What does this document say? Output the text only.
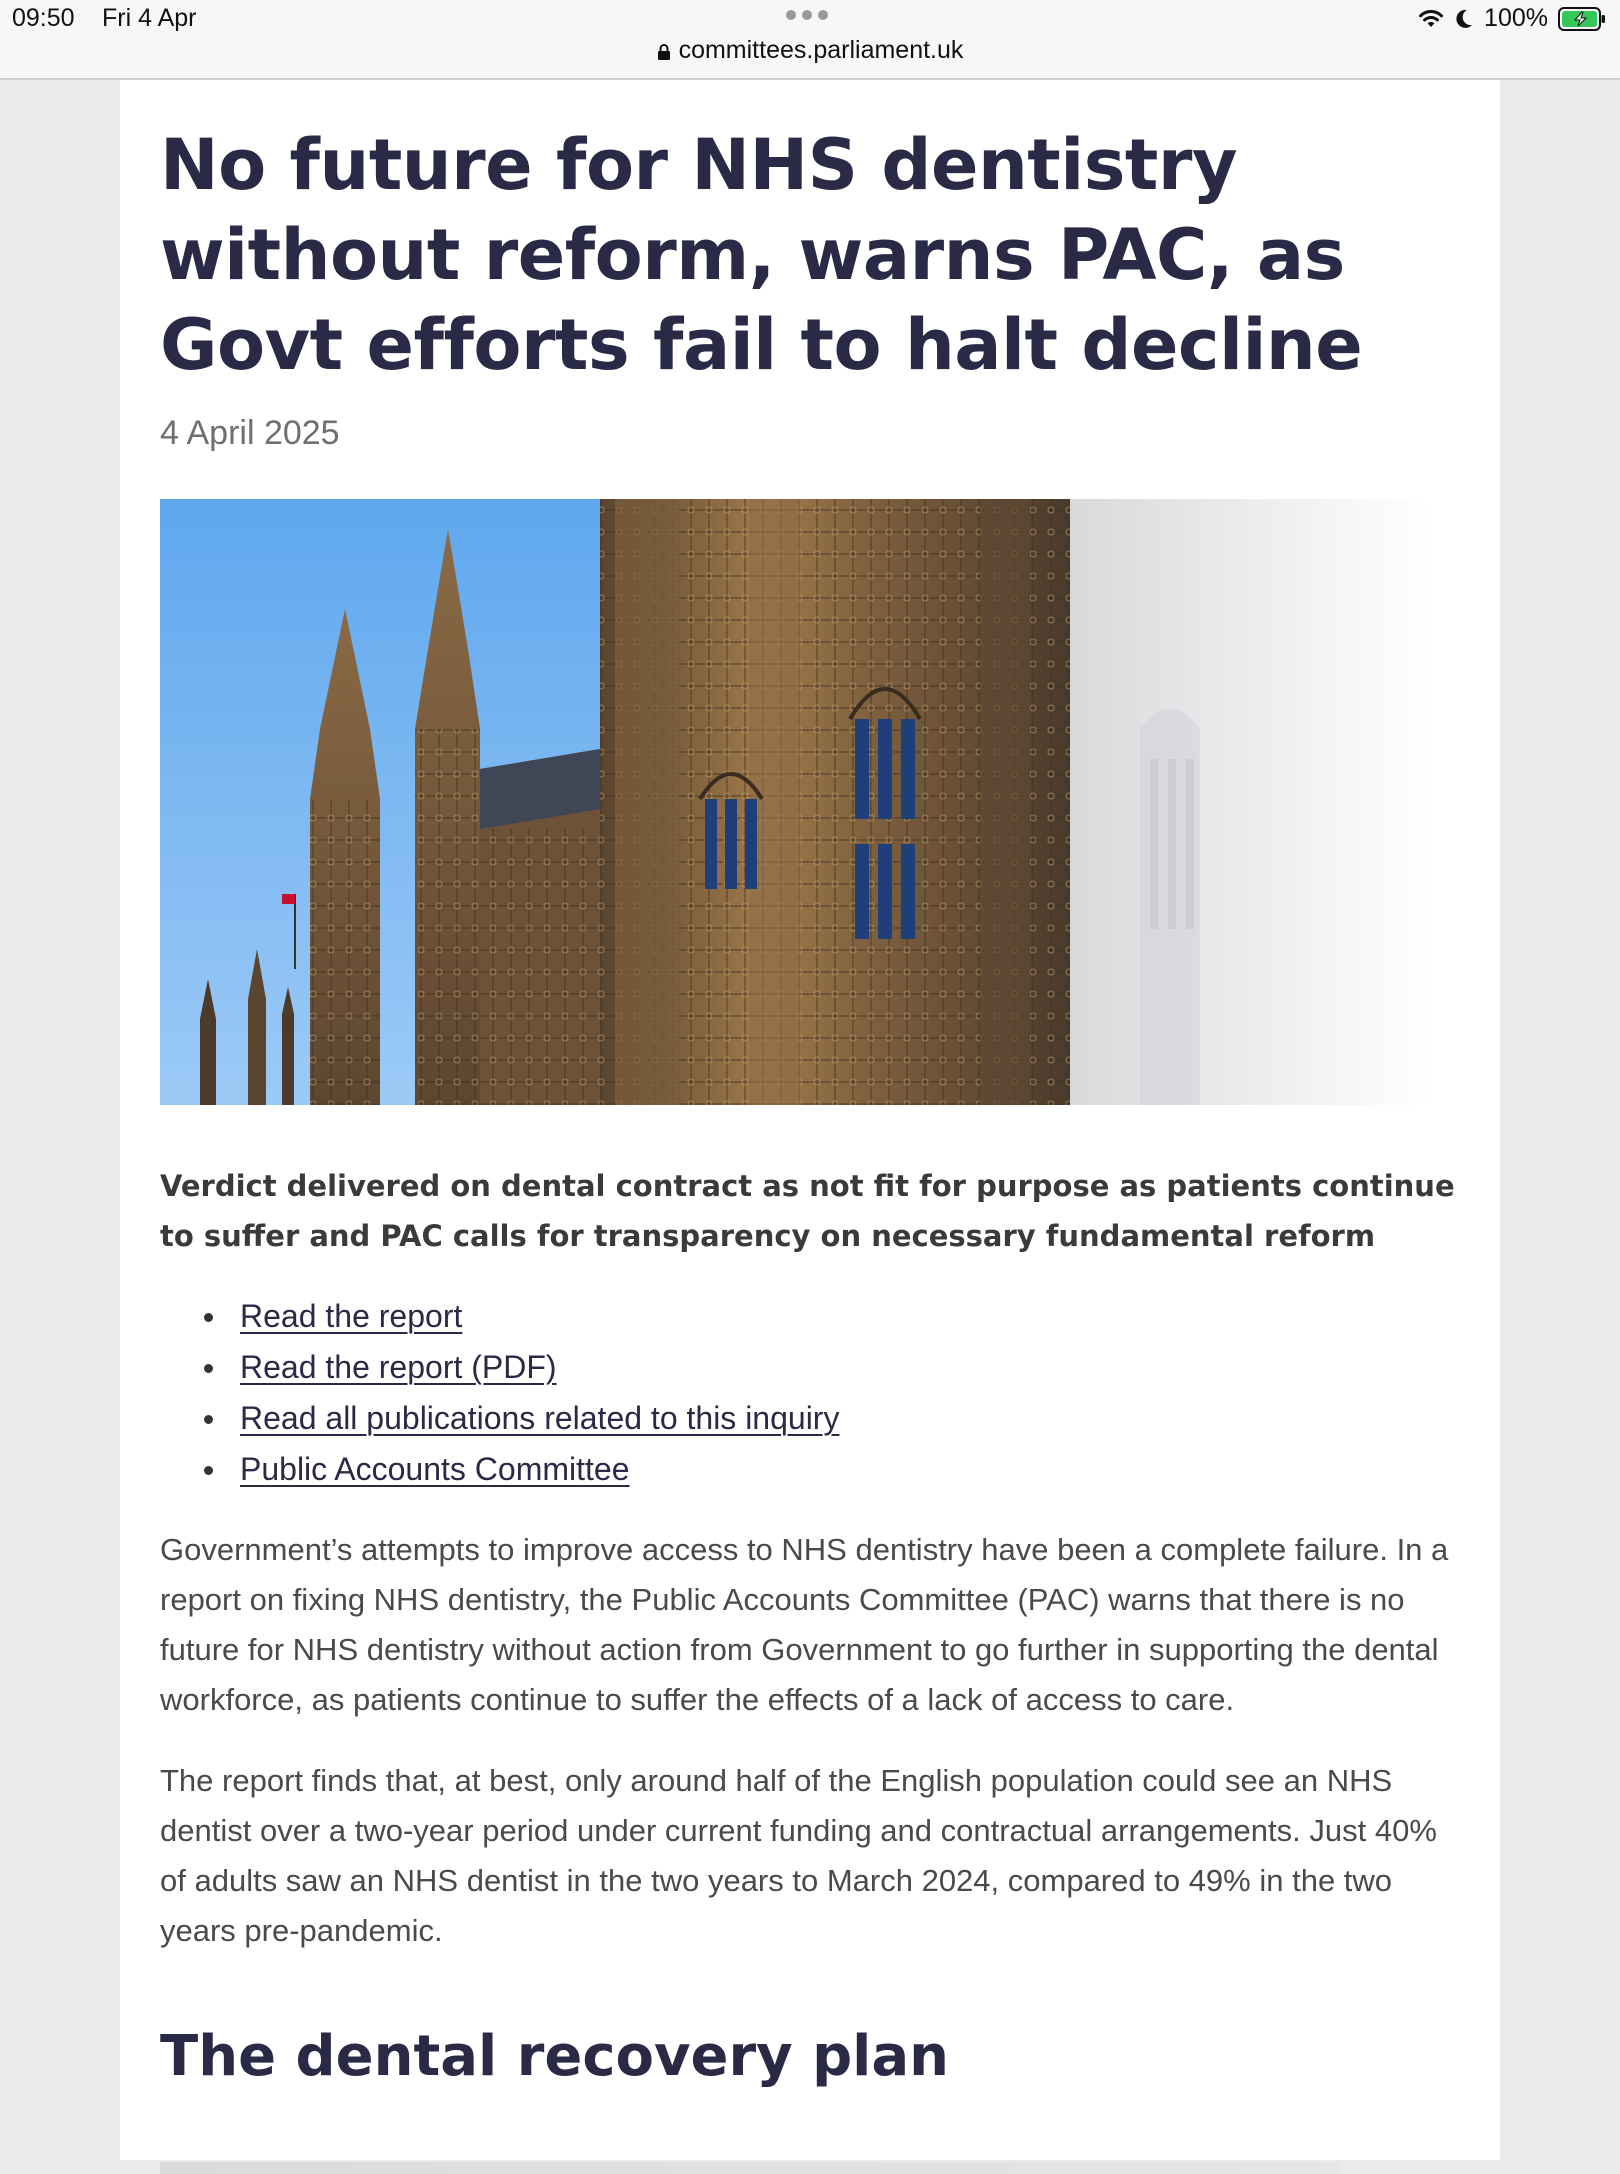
09:50 Fri 4 Apr	100%
committees.parliament.uk
No future for NHS dentistry without reform, warns PAC, as Govt efforts fail to halt decline
4 April 2025
Verdict delivered on dental contract as not fit for purpose as patients continue to suffer and PAC calls for transparency on necessary fundamental reform
Read the report
Read the report (PDF)
Read all publications related to this inquiry
Public Accounts Committee

Government’s attempts to improve access to NHS dentistry have been a complete failure. In a report on fixing NHS dentistry, the Public Accounts Committee (PAC) warns that there is no future for NHS dentistry without action from Government to go further in supporting the dental workforce, as patients continue to suffer the effects of a lack of access to care.

The report finds that, at best, only around half of the English population could see an NHS dentist over a two-year period under current funding and contractual arrangements. Just 40% of adults saw an NHS dentist in the two years to March 2024, compared to 49% in the two years pre-pandemic.

The dental recovery plan
